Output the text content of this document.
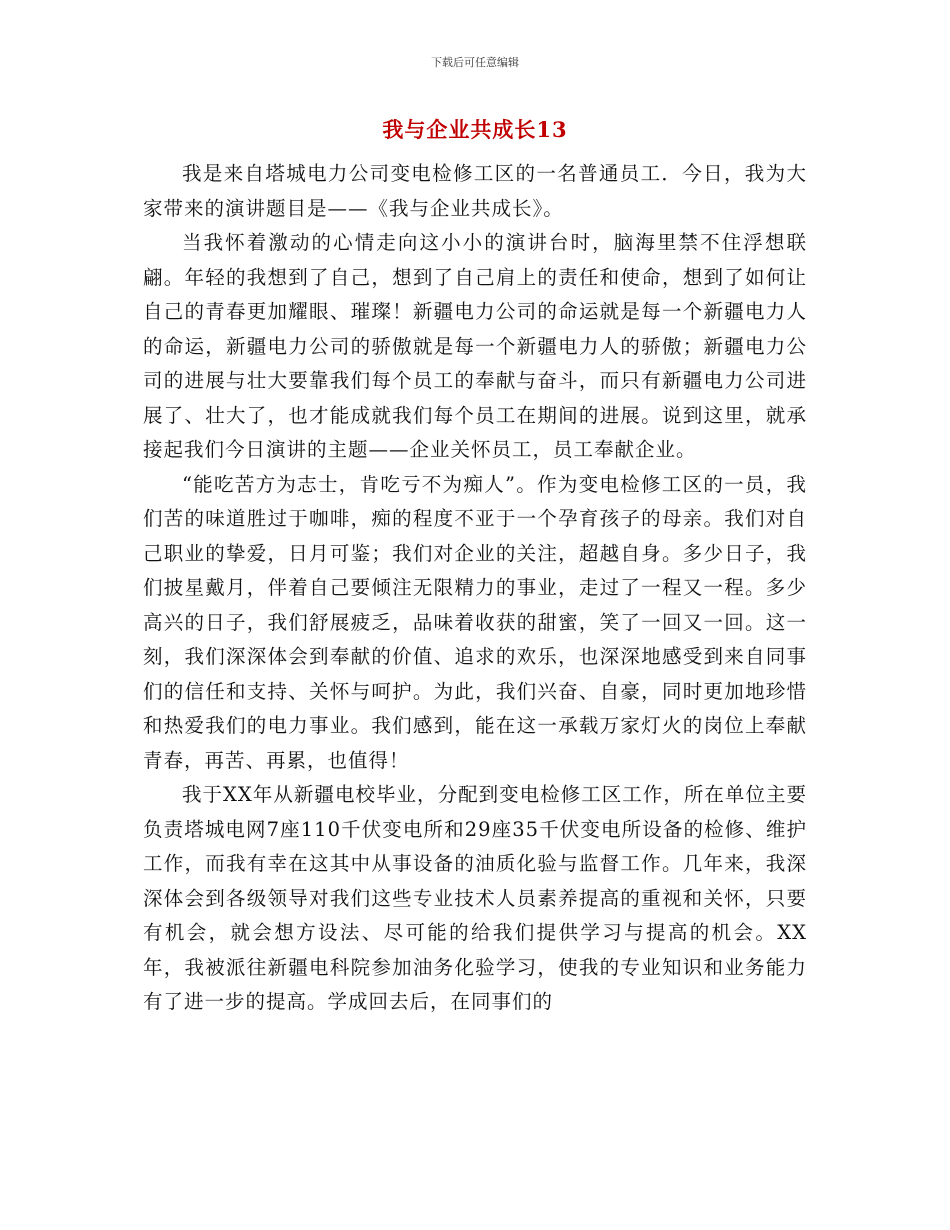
下载后可任意编辑
我与企业共成长13

我是来自塔城电力公司变电检修工区的一名普通员工．今日，我为大家带来的演讲题目是——《我与企业共成长》。

当我怀着激动的心情走向这小小的演讲台时，脑海里禁不住浮想联翩。年轻的我想到了自己，想到了自己肩上的责任和使命，想到了如何让自己的青春更加耀眼、璀璨！新疆电力公司的命运就是每一个新疆电力人的命运，新疆电力公司的骄傲就是每一个新疆电力人的骄傲；新疆电力公司的进展与壮大要靠我们每个员工的奉献与奋斗，而只有新疆电力公司进展了、壮大了，也才能成就我们每个员工在期间的进展。说到这里，就承接起我们今日演讲的主题——企业关怀员工，员工奉献企业。

“能吃苦方为志士，肯吃亏不为痴人”。作为变电检修工区的一员，我们苦的味道胜过于咖啡，痴的程度不亚于一个孕育孩子的母亲。我们对自己职业的挚爱，日月可鉴；我们对企业的关注，超越自身。多少日子，我们披星戴月，伴着自己要倾注无限精力的事业，走过了一程又一程。多少高兴的日子，我们舒展疲乏，品味着收获的甜蜜，笑了一回又一回。这一刻，我们深深体会到奉献的价值、追求的欢乐，也深深地感受到来自同事们的信任和支持、关怀与呵护。为此，我们兴奋、自豪，同时更加地珍惜和热爱我们的电力事业。我们感到，能在这一承载万家灯火的岗位上奉献青春，再苦、再累，也值得！

我于XX年从新疆电校毕业，分配到变电检修工区工作，所在单位主要负责塔城电网7座110千伏变电所和29座35千伏变电所设备的检修、维护工作，而我有幸在这其中从事设备的油质化验与监督工作。几年来，我深深体会到各级领导对我们这些专业技术人员素养提高的重视和关怀，只要有机会，就会想方设法、尽可能的给我们提供学习与提高的机会。XX年，我被派往新疆电科院参加油务化验学习，使我的专业知识和业务能力有了进一步的提高。学成回去后，在同事们的
